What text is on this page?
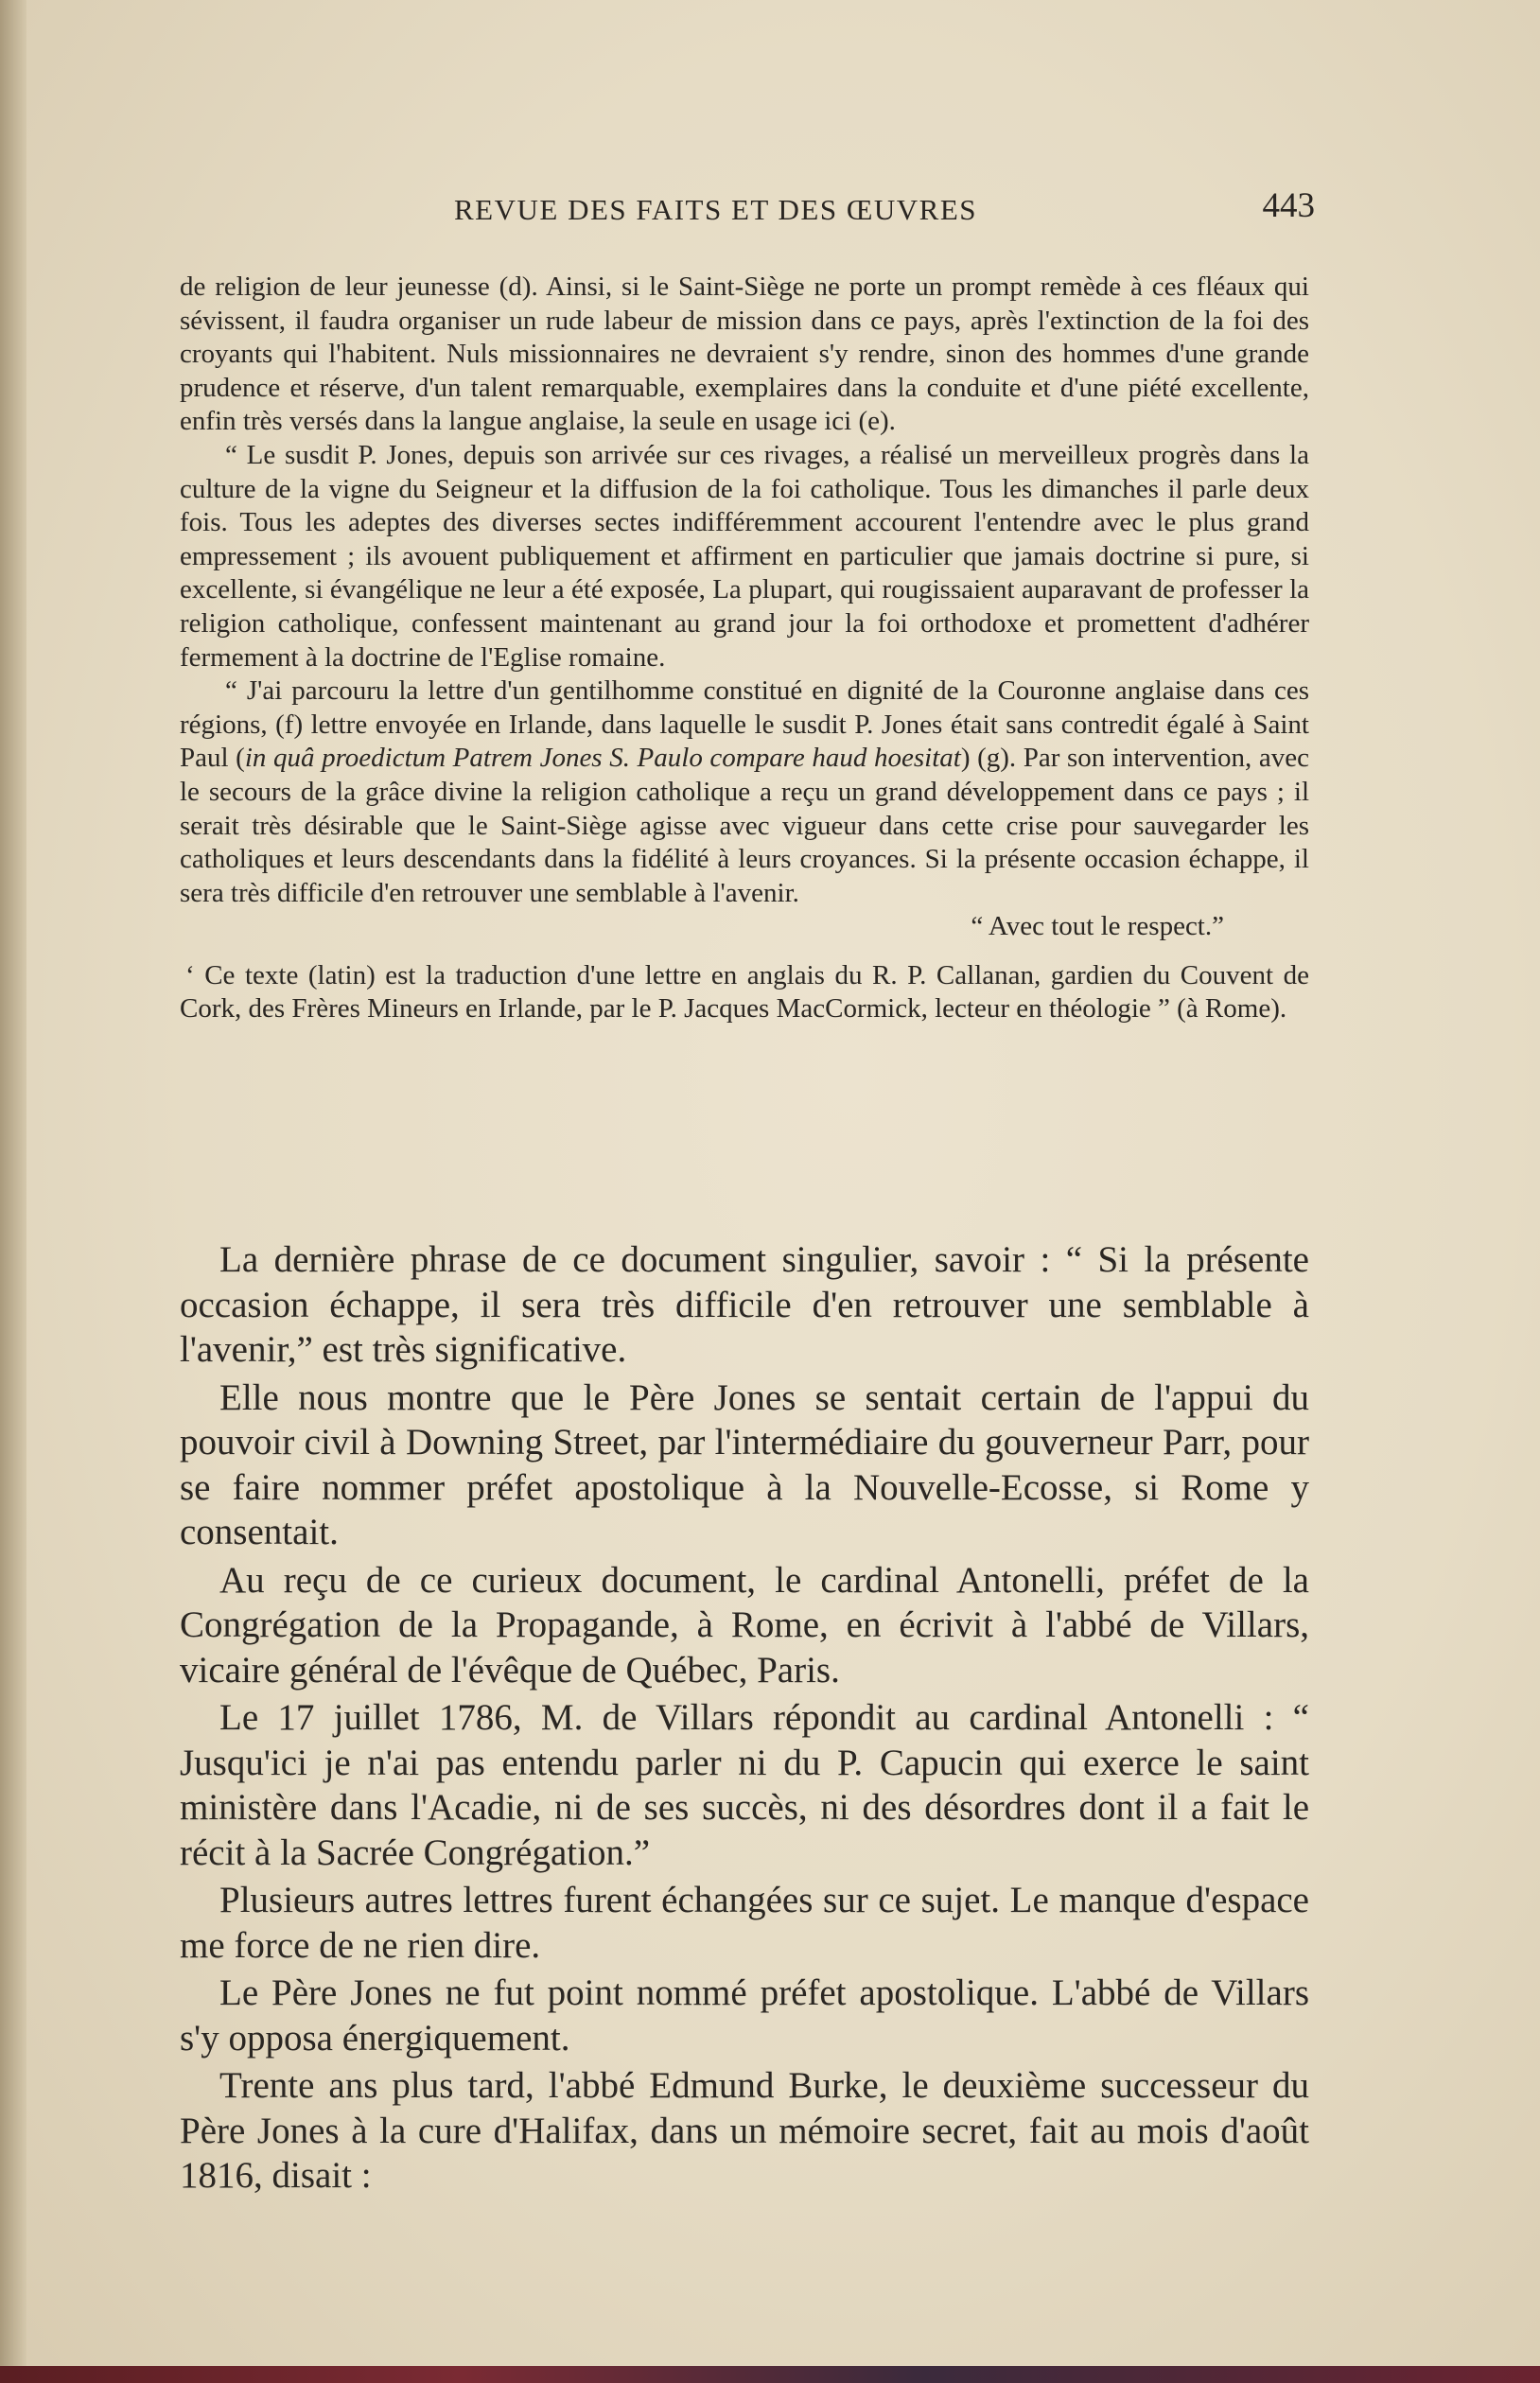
REVUE DES FAITS ET DES ŒUVRES	443

de religion de leur jeunesse (d). Ainsi, si le Saint-Siège ne porte un prompt remède à ces fléaux qui sévissent, il faudra organiser un rude labeur de mission dans ce pays, après l'extinction de la foi des croyants qui l'habitent. Nuls missionnaires ne devraient s'y rendre, sinon des hommes d'une grande prudence et réserve, d'un talent remarquable, exemplaires dans la conduite et d'une piété excellente, enfin très versés dans la langue anglaise, la seule en usage ici (e).

“ Le susdit P. Jones, depuis son arrivée sur ces rivages, a réalisé un merveilleux progrès dans la culture de la vigne du Seigneur et la diffusion de la foi catholique. Tous les dimanches il parle deux fois. Tous les adeptes des diverses sectes indifféremment accourent l'entendre avec le plus grand empressement ; ils avouent publiquement et affirment en particulier que jamais doctrine si pure, si excellente, si évangélique ne leur a été exposée, La plupart, qui rougissaient auparavant de professer la religion catholique, confessent maintenant au grand jour la foi orthodoxe et promettent d'adhérer fermement à la doctrine de l'Eglise romaine.

“ J'ai parcouru la lettre d'un gentilhomme constitué en dignité de la Couronne anglaise dans ces régions, (f) lettre envoyée en Irlande, dans laquelle le susdit P. Jones était sans contredit égalé à Saint Paul (in quâ proedictum Patrem Jones S. Paulo compare haud hoesitat) (g). Par son intervention, avec le secours de la grâce divine la religion catholique a reçu un grand développement dans ce pays ; il serait très désirable que le Saint-Siège agisse avec vigueur dans cette crise pour sauvegarder les catholiques et leurs descendants dans la fidélité à leurs croyances. Si la présente occasion échappe, il sera très difficile d'en retrouver une semblable à l'avenir.

“ Avec tout le respect.”

‘ Ce texte (latin) est la traduction d'une lettre en anglais du R. P. Callanan, gardien du Couvent de Cork, des Frères Mineurs en Irlande, par le P. Jacques MacCormick, lecteur en théologie ” (à Rome).

La dernière phrase de ce document singulier, savoir : “ Si la présente occasion échappe, il sera très difficile d'en retrouver une semblable à l'avenir,” est très significative.

Elle nous montre que le Père Jones se sentait certain de l'appui du pouvoir civil à Downing Street, par l'intermédiaire du gouverneur Parr, pour se faire nommer préfet apostolique à la Nouvelle-Ecosse, si Rome y consentait.

Au reçu de ce curieux document, le cardinal Antonelli, préfet de la Congrégation de la Propagande, à Rome, en écrivit à l'abbé de Villars, vicaire général de l'évêque de Québec, Paris.

Le 17 juillet 1786, M. de Villars répondit au cardinal Antonelli : “ Jusqu'ici je n'ai pas entendu parler ni du P. Capucin qui exerce le saint ministère dans l'Acadie, ni de ses succès, ni des désordres dont il a fait le récit à la Sacrée Congrégation.”

Plusieurs autres lettres furent échangées sur ce sujet. Le manque d'espace me force de ne rien dire.

Le Père Jones ne fut point nommé préfet apostolique. L'abbé de Villars s'y opposa énergiquement.

Trente ans plus tard, l'abbé Edmund Burke, le deuxième successeur du Père Jones à la cure d'Halifax, dans un mémoire secret, fait au mois d'août 1816, disait :
